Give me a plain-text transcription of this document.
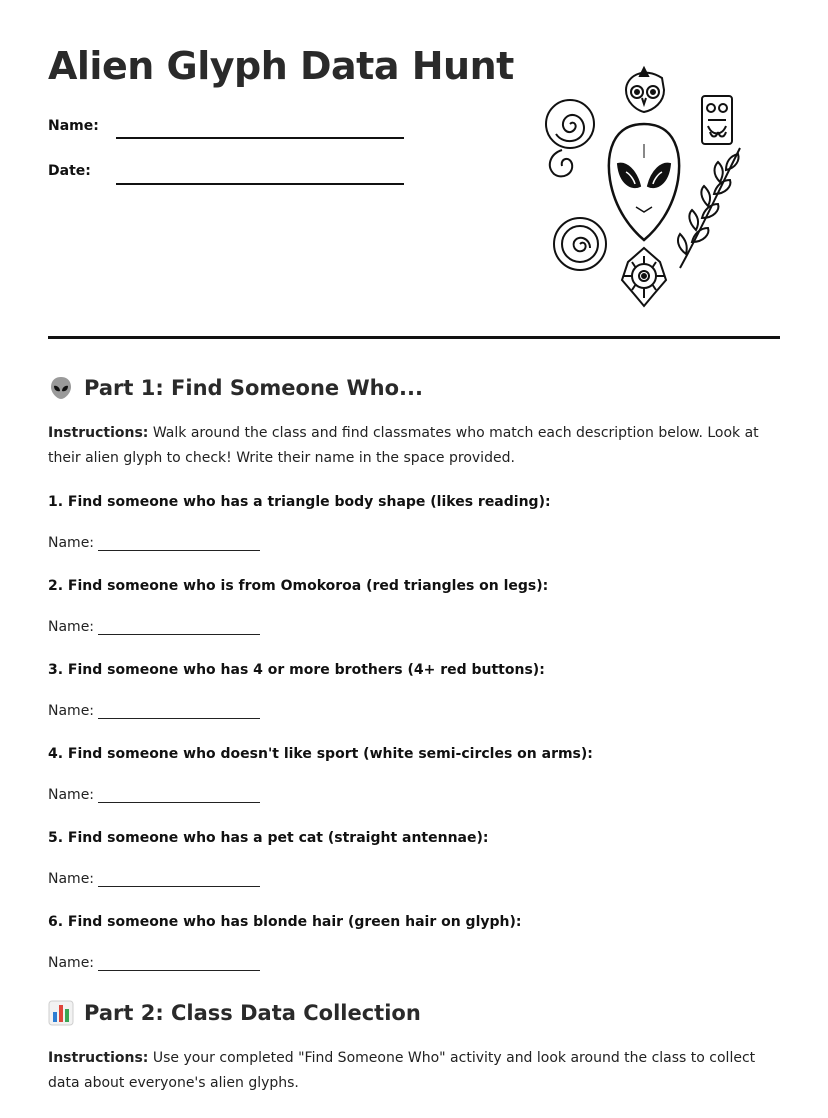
Alien Glyph Data Hunt
Name:
Date:
Part 1: Find Someone Who...
Instructions: Walk around the class and find classmates who match each description below. Look at their alien glyph to check! Write their name in the space provided.
1. Find someone who has a triangle body shape (likes reading):
Name:
2. Find someone who is from Omokoroa (red triangles on legs):
Name:
3. Find someone who has 4 or more brothers (4+ red buttons):
Name:
4. Find someone who doesn't like sport (white semi-circles on arms):
Name:
5. Find someone who has a pet cat (straight antennae):
Name:
6. Find someone who has blonde hair (green hair on glyph):
Name:
Part 2: Class Data Collection
Instructions: Use your completed "Find Someone Who" activity and look around the class to collect data about everyone's alien glyphs.
